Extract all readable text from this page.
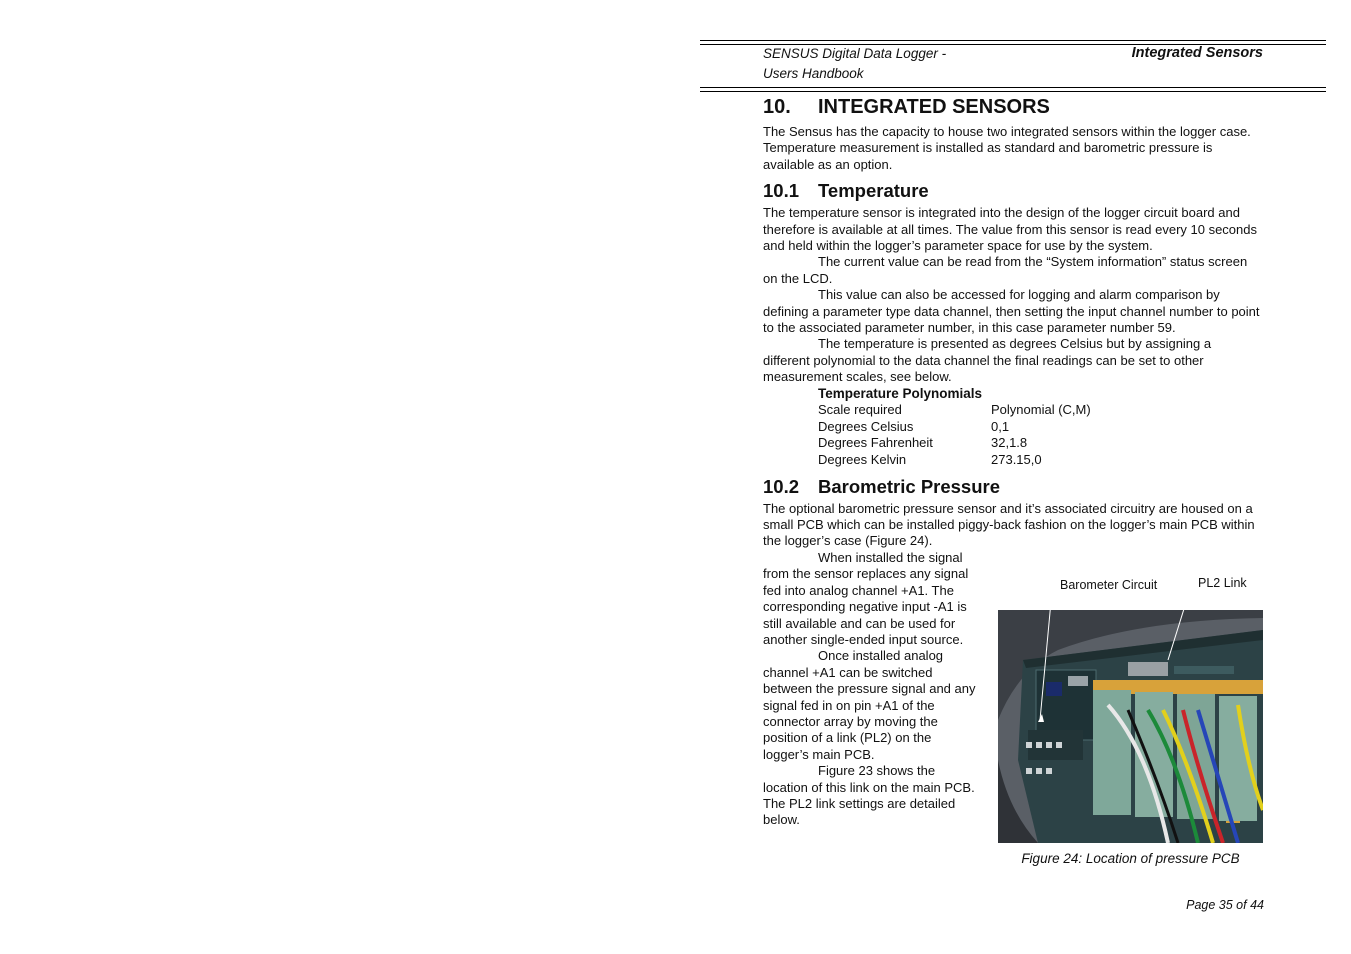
SENSUS Digital Data Logger -
Users Handbook
Integrated Sensors
10. INTEGRATED SENSORS

The Sensus has the capacity to house two integrated sensors within the logger case. Temperature measurement is installed as standard and barometric pressure is available as an option.

10.1 Temperature

The temperature sensor is integrated into the design of the logger circuit board and therefore is available at all times. The value from this sensor is read every 10 seconds and held within the logger’s parameter space for use by the system.

The current value can be read from the “System information” status screen on the LCD.

This value can also be accessed for logging and alarm comparison by defining a parameter type data channel, then setting the input channel number to point to the associated parameter number, in this case parameter number 59.

The temperature is presented as degrees Celsius but by assigning a different polynomial to the data channel the final readings can be set to other measurement scales, see below.

Temperature Polynomials
Scale required	Polynomial (C,M)
Degrees Celsius	0,1
Degrees Fahrenheit	32,1.8
Degrees Kelvin	273.15,0
10.2 Barometric Pressure

The optional barometric pressure sensor and it’s associated circuitry are housed on a small PCB which can be installed piggy-back fashion on the logger’s main PCB within the logger’s case (Figure 24).

When installed the signal from the sensor replaces any signal fed into analog channel +A1. The corresponding negative input -A1 is still available and can be used for another single-ended input source.

Once installed analog channel +A1 can be switched between the pressure signal and any signal fed in on pin +A1 of the connector array by moving the position of a link (PL2) on the logger’s main PCB.

Figure 23 shows the location of this link on the main PCB. The PL2 link settings are detailed below.

Barometer Circuit	PL2 Link
Figure 24: Location of pressure PCB
Page 35 of 44
